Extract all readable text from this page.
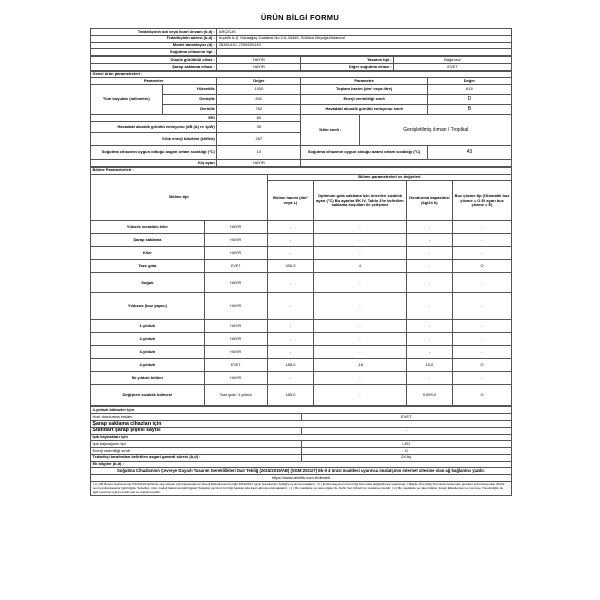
ÜRÜN BİLGİ FORMU
Tedarikçinin adı veya ticari ünvanı (b,d) :	ARÇELİK
Tedarikçinin adresi (b,d) :	Arçelik A.Ş. Karaağaç Caddesi No:2-6,34445, Sütlüce Beyoğlu/İstanbul
Model tanımlayıcı (d) :	2836141C-7296520140
Soğutma cihazının tipi :	
Düşük gürültülü cihaz :	HAYIR	Tasarım tipi :	Bağımsız
Şarap saklama cihazı :	HAYIR	Diğer soğutma cihazı :	EVET
Genel ürün parametreleri :					
Parametre		Değer	Parametre		Değer
Tüm boyutlar (milimetre)	Yükseklik	1930	Toplam hacim (dm³ veya litre)		615
	Genişlik	832	Enerji verimliliği sınıfı		D
	Derinlik	762	Havadaki akustik gürültü emisyonu sınıfı		B
EEI		80	İklim sınıfı :	Genişletilmiş ılıman / Tropikal	
Havadaki akustik gürültü emisyonu (dB (A) re 1pW)		35			
Yıllık enerji tüketimi (kWh/a)		267			
Soğutma cihazının uygun olduğu asgari ortam sıcaklığı (°C)		10	Soğutma cihazının uygun olduğu azami ortam sıcaklığı (°C)		43
Kış ayarı		HAYIR			
Bölme Parametreleri :					
Bölme tipi		Bölme parametreleri ve değerleri			
		Bölme hacmi (dm³ veya L)	Optimum gıda saklama için önerilen sıcaklık ayarı (°C) Bu ayarlar EK IV, Tablo 3'te belirtilen saklama koşulları ile çelişmez	Dondurma kapasitesi (kg/24 h)	Buz çözme tip (Otomatik buz çözme = O El ayarı buz çözme = E)
Yüksek sıcaklıklı kiler	HAYIR	-	-	-	-
Şarap saklama	HAYIR	-	-	-	-
Kiler	HAYIR	-	-	-	-
Taze gıda	EVET	430,0	4	-	O
Soğuk	HAYIR	-	-	-	-
Yıldızsız (buz yapıcı)	HAYIR	-	-	-	-
1-yıldızlı	HAYIR	-	-	-	-
2-yıldızlı	HAYIR	-	-	-	-
3-yıldızlı	HAYIR	-	-	-	-
4-yıldızlı	EVET	185,0	-18	10,0	O
İki yıldızlı bölüm	HAYIR	-	-	-	-
Değişken sıcaklık bölmesi	Taze gıda / 4-yıldızlı	185,0	-	9,999,0	O
4-yıldızlı bölmeler için	
Hızlı dondurma imkânı	EVET
Şarap saklama cihazları için	
Standart şarap şişesi sayısı	-
Işık kaynakları için	
Işık kaynağının tipi	LED
Enerji verimliliği sınıfı	G
Tedarikçi tarafından belirtilen asgari garanti süresi (b,d) :	24 Ay
Ek bilgiler (b,d) :	
Soğutma Cihazlarının Çevreye Duyarlı Tasarım Gereklilikleri Dair Tebliğ (2015/2019/AB) (SGM:2021/7) Ek-II 4 üncü maddesi uyarınca imalatçının internet sitesine olan ağ bağlantısı yazılır.	
https://www.arcelik.com.tr/destek	
( a ) AB Resmi Gazetesinde 5/12/2019 tarihinde yayımlanan (ab Kapsamlarının Enerji Etiketlemesi ile ilgili 2019/2017 sayılı Gereksinim Tebliği'e uyumna kıraşlanır. ( b ) Enformasyonun ürün bilgi formunda değiştirilmesi yapılamaz. Hallede Ürün bilgi formunda bulunması gereken enformasyonlar (Daha sonra kullanılacaktır ilgili bilgiler Tedarikçi, ürün modeli hakkında ilgili bilgileri Tedarikçi yazılımlı bir bilgi bankasında kayıt altında tutulmaktadır). ( c ) Bu maddede yer alan öğeler ile hiçbir Veri Cihazı'nın modeline özeldir. ( d ) Bu maddede yer alan bilgiler, Enerji Etiketlemesi ve Çevreye Yönelimliğim ile ilgili mevzuat uyarınca alınmalı ve arşivlenmelidir.	
